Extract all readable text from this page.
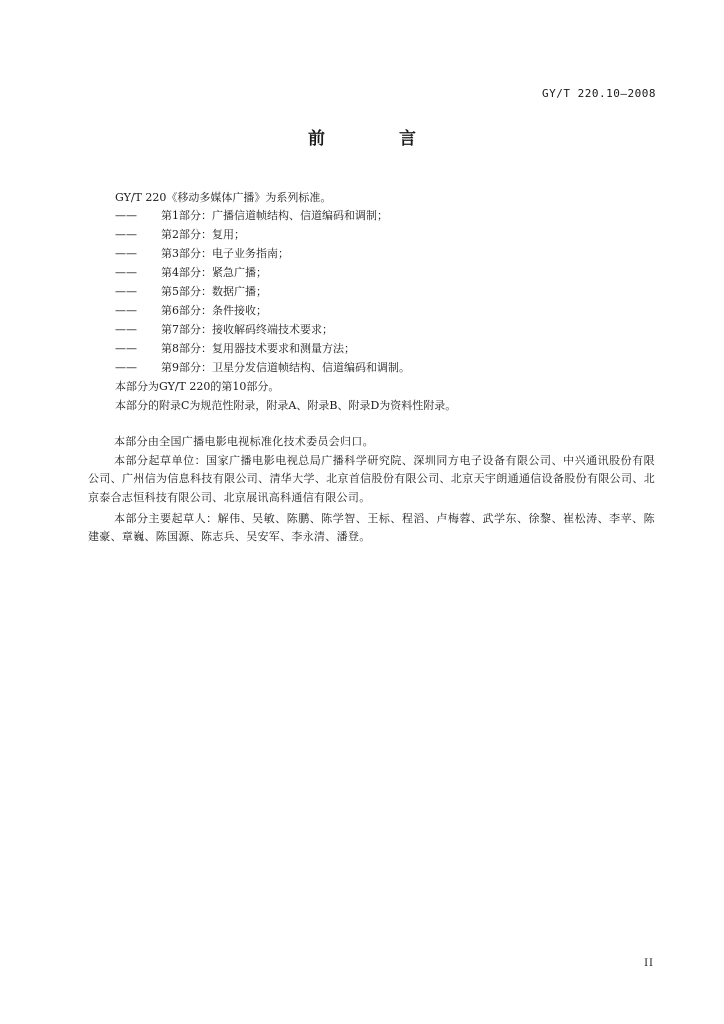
GY/T 220.10—2008
前 言
GY/T 220《移动多媒体广播》为系列标准。
—— 第1部分：广播信道帧结构、信道编码和调制；
—— 第2部分：复用；
—— 第3部分：电子业务指南；
—— 第4部分：紧急广播；
—— 第5部分：数据广播；
—— 第6部分：条件接收；
—— 第7部分：接收解码终端技术要求；
—— 第8部分：复用器技术要求和测量方法；
—— 第9部分：卫星分发信道帧结构、信道编码和调制。
本部分为GY/T 220的第10部分。
本部分的附录C为规范性附录，附录A、附录B、附录D为资料性附录。
本部分由全国广播电影电视标准化技术委员会归口。
本部分起草单位：国家广播电影电视总局广播科学研究院、深圳同方电子设备有限公司、中兴通讯股份有限公司、广州信为信息科技有限公司、清华大学、北京首信股份有限公司、北京天宇朗通通信设备股份有限公司、北京泰合志恒科技有限公司、北京展讯高科通信有限公司。
本部分主要起草人：解伟、吴敏、陈鹏、陈学智、王标、程滔、卢梅蓉、武学东、徐黎、崔松涛、李苹、陈建豪、章巍、陈国源、陈志兵、吴安军、李永清、潘登。
II
